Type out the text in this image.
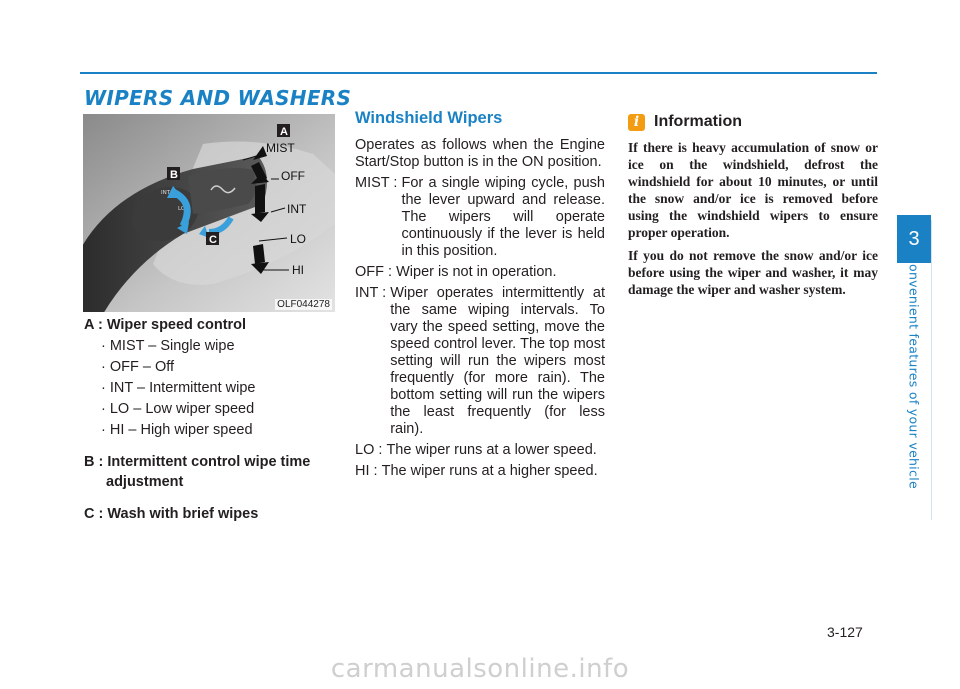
WIPERS AND WASHERS
INT
LO
HI
MIST
OFF
INT
LO
HI
A
B
C
OLF044278
A : Wiper speed control
· MIST – Single wipe
· OFF – Off
· INT – Intermittent wipe
· LO – Low wiper speed
· HI – High wiper speed
B : Intermittent control wipe time adjustment
C : Wash with brief wipes
Windshield Wipers

Operates as follows when the Engine Start/Stop button is in the ON position.

MIST : For a single wiping cycle, push the lever upward and release. The wipers will operate continuously if the lever is held in this position.
OFF : Wiper is not in operation.
INT : Wiper operates intermittently at the same wiping intervals. To vary the speed setting, move the speed control lever. The top most setting will run the wipers most frequently (for more rain). The bottom setting will run the wipers the least frequently (for less rain).
LO : The wiper runs at a lower speed.
HI : The wiper runs at a higher speed.
i Information

If there is heavy accumulation of snow or ice on the windshield, defrost the windshield for about 10 minutes, or until the snow and/or ice is removed before using the windshield wipers to ensure proper operation.

If you do not remove the snow and/or ice before using the wiper and washer, it may damage the wiper and washer system.

3
Convenient features of your vehicle
3-127
carmanualsonline.info
